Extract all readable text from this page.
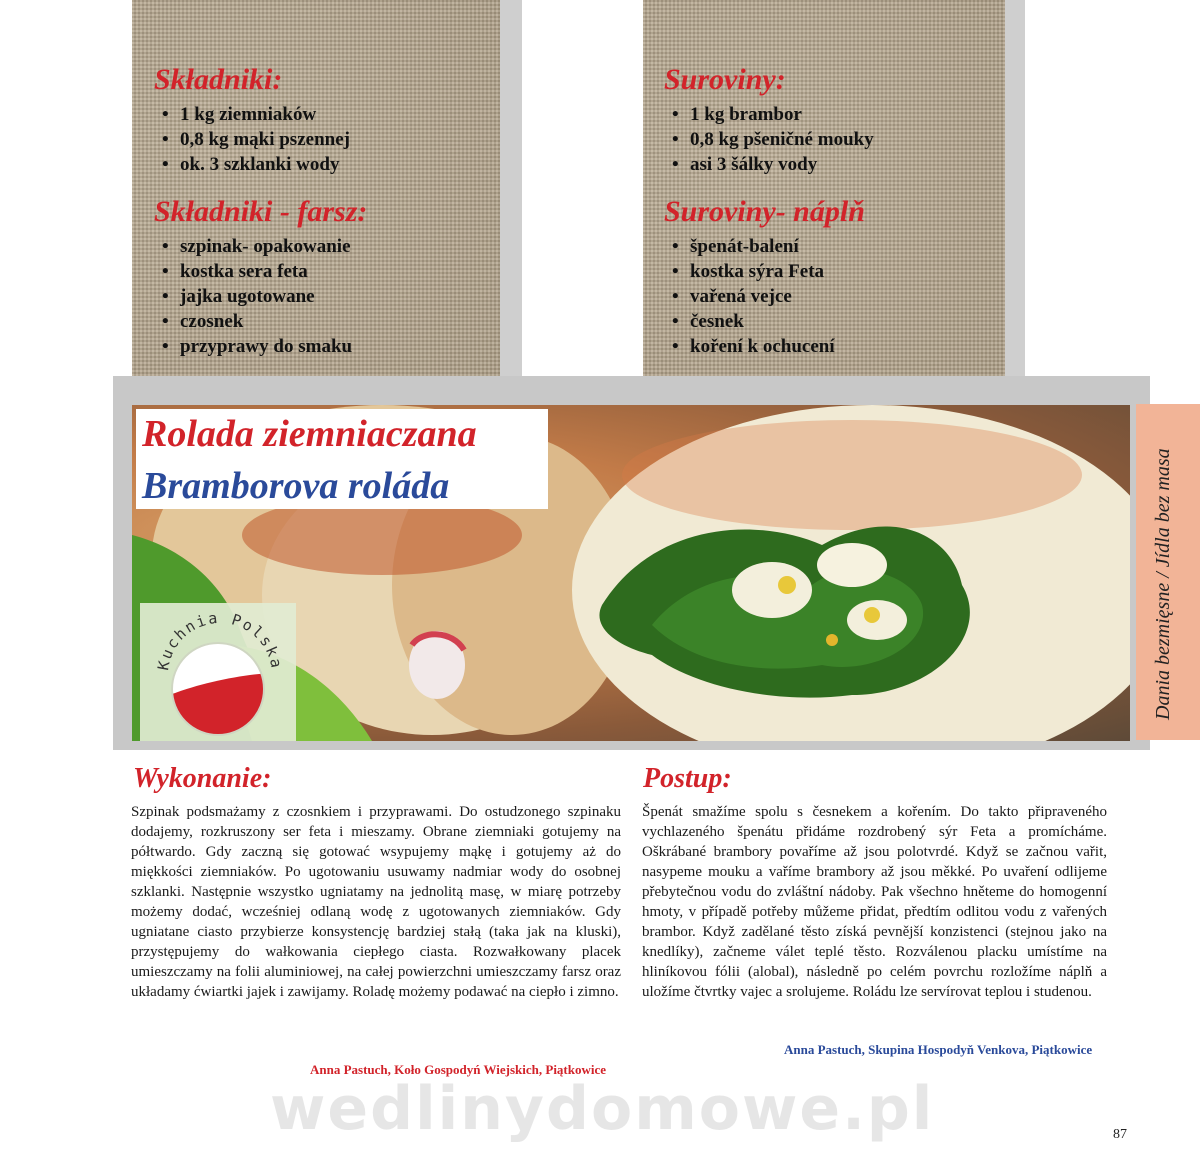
Składniki:
• 1 kg ziemniaków
• 0,8 kg mąki pszennej
• ok. 3 szklanki wody
Składniki - farsz:
• szpinak- opakowanie
• kostka sera feta
• jajka ugotowane
• czosnek
• przyprawy do smaku
Suroviny:
• 1 kg brambor
• 0,8 kg pšeničné mouky
• asi 3 šálky vody
Suroviny- náplň
• špenát-balení
• kostka sýra Feta
• vařená vejce
• česnek
• koření k ochucení
Rolada ziemniaczana
Bramborova roláda
Kuchnia Polska	Dania bezmięsne / Jídla bez masa
Wykonanie:

Szpinak podsmażamy z czosnkiem i przyprawami. Do ostudzonego szpinaku dodajemy, rozkruszony ser feta i mieszamy. Obrane ziemniaki gotujemy na półtwardo. Gdy zaczną się gotować wsypujemy mąkę i gotujemy aż do miękkości ziemniaków. Po ugotowaniu usuwamy nadmiar wody do osobnej szklanki. Następnie wszystko ugniatamy na jednolitą masę, w miarę potrzeby możemy dodać, wcześniej odlaną wodę z ugotowanych ziemniaków. Gdy ugniatane ciasto przybierze konsystencję bardziej stałą (taka jak na kluski), przystępujemy do wałkowania ciepłego ciasta. Rozwałkowany placek umieszczamy na folii aluminiowej, na całej powierzchni umieszczamy farsz oraz układamy ćwiartki jajek i zawijamy. Roladę możemy podawać na ciepło i zimno.

Anna Pastuch, Koło Gospodyń Wiejskich, Piątkowice

Postup:

Špenát smažíme spolu s česnekem a kořením. Do takto připraveného vychlazeného špenátu přidáme rozdrobený sýr Feta a promícháme. Oškrábané brambory povaříme až jsou polotvrdé. Když se začnou vařit, nasypeme mouku a vaříme brambory až jsou měkké. Po uvaření odlijeme přebytečnou vodu do zvláštní nádoby. Pak všechno hněteme do homogenní hmoty, v případě potřeby můžeme přidat, předtím odlitou vodu z vařených brambor. Když zadělané těsto získá pevnější konzistenci (stejnou jako na knedlíky), začneme válet teplé těsto. Rozválenou placku umístíme na hliníkovou fólii (alobal), následně po celém povrchu rozložíme náplň a uložíme čtvrtky vajec a srolujeme. Roládu lze servírovat teplou i studenou.

Anna Pastuch, Skupina Hospodyň Venkova, Piątkowice

wedlinydomowe.pl	87
